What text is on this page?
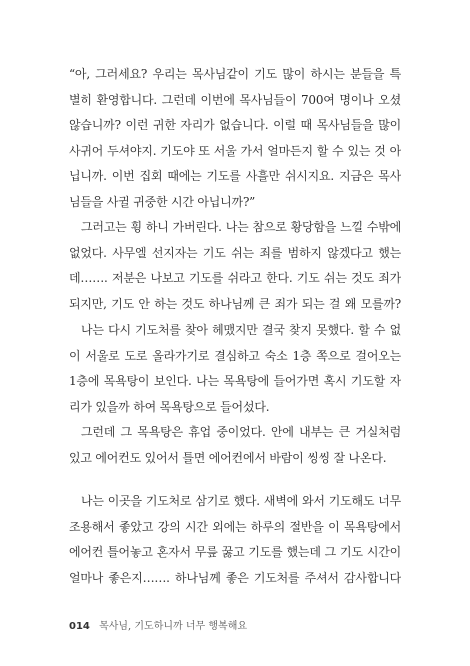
“아, 그러세요? 우리는 목사님같이 기도 많이 하시는 분들을 특
별히 환영합니다. 그런데 이번에 목사님들이 700여 명이나 오셨
않습니까? 이런 귀한 자리가 없습니다. 이럴 때 목사님들을 많이
사귀어 두셔야지. 기도야 또 서울 가서 얼마든지 할 수 있는 것 아
닙니까. 이번 집회 때에는 기도를 사흘만 쉬시지요. 지금은 목사
님들을 사귈 귀중한 시간 아닙니까?”
그러고는 휭 하니 가버린다. 나는 참으로 황당함을 느낄 수밖에
없었다. 사무엘 선지자는 기도 쉬는 죄를 범하지 않겠다고 했는
데……. 저분은 나보고 기도를 쉬라고 한다. 기도 쉬는 것도 죄가
되지만, 기도 안 하는 것도 하나님께 큰 죄가 되는 걸 왜 모를까?
나는 다시 기도처를 찾아 헤맸지만 결국 찾지 못했다. 할 수 없
이 서울로 도로 올라가기로 결심하고 숙소 1층 쪽으로 걸어오는
1층에 목욕탕이 보인다. 나는 목욕탕에 들어가면 혹시 기도할 자
리가 있을까 하여 목욕탕으로 들어섰다.
그런데 그 목욕탕은 휴업 중이었다. 안에 내부는 큰 거실처럼
있고 에어컨도 있어서 틀면 에어컨에서 바람이 씽씽 잘 나온다.
나는 이곳을 기도처로 삼기로 했다. 새벽에 와서 기도해도 너무
조용해서 좋았고 강의 시간 외에는 하루의 절반을 이 목욕탕에서
에어컨 틀어놓고 혼자서 무릎 꿇고 기도를 했는데 그 기도 시간이
얼마나 좋은지……. 하나님께 좋은 기도처를 주셔서 감사합니다
014 목사님, 기도하니까 너무 행복해요
